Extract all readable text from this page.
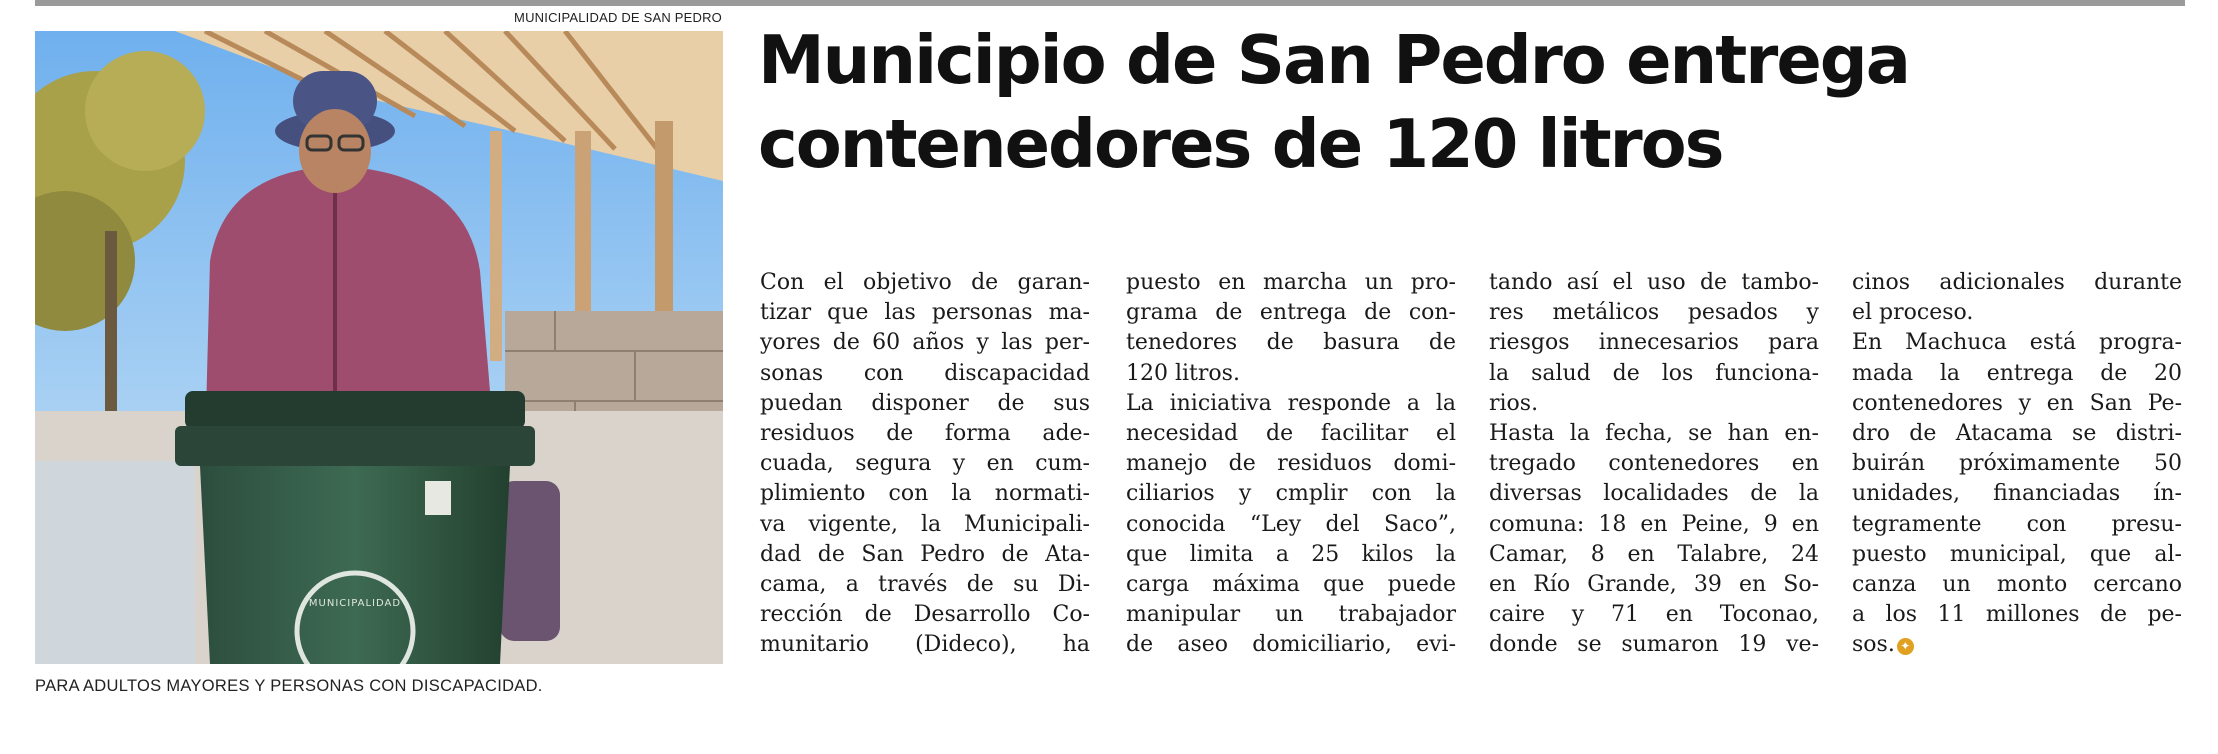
MUNICIPALIDAD DE SAN PEDRO
MUNICIPALIDAD
PARA ADULTOS MAYORES Y PERSONAS CON DISCAPACIDAD.
Municipio de San Pedro entrega
contenedores de 120 litros
Con el objetivo de garan-
tizar que las personas ma-
yores de 60 años y las per-
sonas con discapacidad
puedan disponer de sus
residuos de forma ade-
cuada, segura y en cum-
plimiento con la normati-
va vigente, la Municipali-
dad de San Pedro de Ata-
cama, a través de su Di-
rección de Desarrollo Co-
munitario (Dideco), ha
puesto en marcha un pro-
grama de entrega de con-
tenedores de basura de
120 litros.
La iniciativa responde a la
necesidad de facilitar el
manejo de residuos domi-
ciliarios y cmplir con la
conocida “Ley del Saco”,
que limita a 25 kilos la
carga máxima que puede
manipular un trabajador
de aseo domiciliario, evi-
tando así el uso de tambo-
res metálicos pesados y
riesgos innecesarios para
la salud de los funciona-
rios.
Hasta la fecha, se han en-
tregado contenedores en
diversas localidades de la
comuna: 18 en Peine, 9 en
Camar, 8 en Talabre, 24
en Río Grande, 39 en So-
caire y 71 en Toconao,
donde se sumaron 19 ve-
cinos adicionales durante
el proceso.
En Machuca está progra-
mada la entrega de 20
contenedores y en San Pe-
dro de Atacama se distri-
buirán próximamente 50
unidades, financiadas ín-
tegramente con presu-
puesto municipal, que al-
canza un monto cercano
a los 11 millones de pe-
sos. ✦
